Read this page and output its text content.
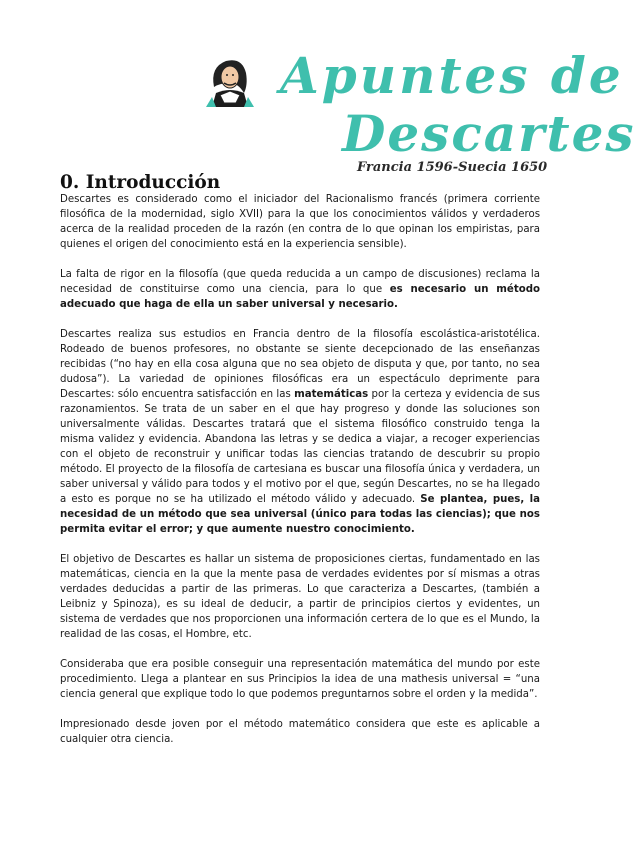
Apuntes de
Descartes
Francia 1596-Suecia 1650
0. Introducción

Descartes es considerado como el iniciador del Racionalismo francés (primera corriente filosófica de la modernidad, siglo XVII) para la que los conocimientos válidos y verdaderos acerca de la realidad proceden de la razón (en contra de lo que opinan los empiristas, para quienes el origen del conocimiento está en la experiencia sensible).

La falta de rigor en la filosofía (que queda reducida a un campo de discusiones) reclama la necesidad de constituirse como una ciencia, para lo que es necesario un método adecuado que haga de ella un saber universal y necesario.

Descartes realiza sus estudios en Francia dentro de la filosofía escolástica-aristotélica. Rodeado de buenos profesores, no obstante se siente decepcionado de las enseñanzas recibidas (“no hay en ella cosa alguna que no sea objeto de disputa y que, por tanto, no sea dudosa”). La variedad de opiniones filosóficas era un espectáculo deprimente para Descartes: sólo encuentra satisfacción en las matemáticas por la certeza y evidencia de sus razonamientos. Se trata de un saber en el que hay progreso y donde las soluciones son universalmente válidas. Descartes tratará que el sistema filosófico construido tenga la misma validez y evidencia. Abandona las letras y se dedica a viajar, a recoger experiencias con el objeto de reconstruir y unificar todas las ciencias tratando de descubrir su propio método. El proyecto de la filosofía de cartesiana es buscar una filosofía única y verdadera, un saber universal y válido para todos y el motivo por el que, según Descartes, no se ha llegado a esto es porque no se ha utilizado el método válido y adecuado. Se plantea, pues, la necesidad de un método que sea universal (único para todas las ciencias); que nos permita evitar el error; y que aumente nuestro conocimiento.

El objetivo de Descartes es hallar un sistema de proposiciones ciertas, fundamentado en las matemáticas, ciencia en la que la mente pasa de verdades evidentes por sí mismas a otras verdades deducidas a partir de las primeras. Lo que caracteriza a Descartes, (también a Leibniz y Spinoza), es su ideal de deducir, a partir de principios ciertos y evidentes, un sistema de verdades que nos proporcionen una información certera de lo que es el Mundo, la realidad de las cosas, el Hombre, etc.

Consideraba que era posible conseguir una representación matemática del mundo por este procedimiento. Llega a plantear en sus Principios la idea de una mathesis universal = “una ciencia general que explique todo lo que podemos preguntarnos sobre el orden y la medida”.

Impresionado desde joven por el método matemático considera que este es aplicable a cualquier otra ciencia.
